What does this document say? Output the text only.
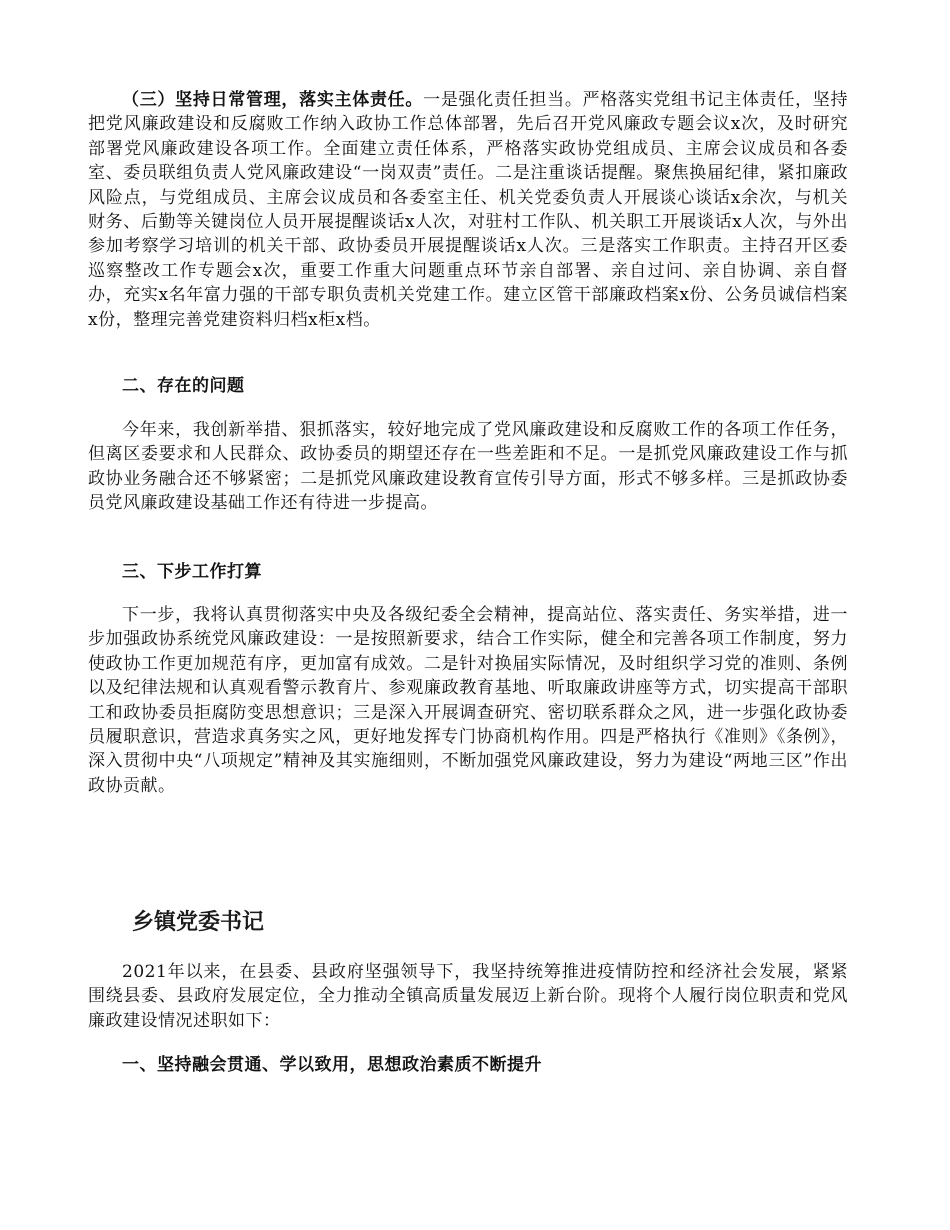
（三）坚持日常管理，落实主体责任。一是强化责任担当。严格落实党组书记主体责任，坚持把党风廉政建设和反腐败工作纳入政协工作总体部署，先后召开党风廉政专题会议x次，及时研究部署党风廉政建设各项工作。全面建立责任体系，严格落实政协党组成员、主席会议成员和各委室、委员联组负责人党风廉政建设“一岗双责”责任。二是注重谈话提醒。聚焦换届纪律，紧扣廉政风险点，与党组成员、主席会议成员和各委室主任、机关党委负责人开展谈心谈话x余次，与机关财务、后勤等关键岗位人员开展提醒谈话x人次，对驻村工作队、机关职工开展谈话x人次，与外出参加考察学习培训的机关干部、政协委员开展提醒谈话x人次。三是落实工作职责。主持召开区委巡察整改工作专题会x次，重要工作重大问题重点环节亲自部署、亲自过问、亲自协调、亲自督办，充实x名年富力强的干部专职负责机关党建工作。建立区管干部廉政档案x份、公务员诚信档案x份，整理完善党建资料归档x柜x档。

二、存在的问题

今年来，我创新举措、狠抓落实，较好地完成了党风廉政建设和反腐败工作的各项工作任务，但离区委要求和人民群众、政协委员的期望还存在一些差距和不足。一是抓党风廉政建设工作与抓政协业务融合还不够紧密；二是抓党风廉政建设教育宣传引导方面，形式不够多样。三是抓政协委员党风廉政建设基础工作还有待进一步提高。

三、下步工作打算

下一步，我将认真贯彻落实中央及各级纪委全会精神，提高站位、落实责任、务实举措，进一步加强政协系统党风廉政建设：一是按照新要求，结合工作实际，健全和完善各项工作制度，努力使政协工作更加规范有序，更加富有成效。二是针对换届实际情况，及时组织学习党的准则、条例以及纪律法规和认真观看警示教育片、参观廉政教育基地、听取廉政讲座等方式，切实提高干部职工和政协委员拒腐防变思想意识；三是深入开展调查研究、密切联系群众之风，进一步强化政协委员履职意识，营造求真务实之风，更好地发挥专门协商机构作用。四是严格执行《准则》《条例》，深入贯彻中央“八项规定”精神及其实施细则，不断加强党风廉政建设，努力为建设“两地三区”作出政协贡献。

乡镇党委书记

2021年以来，在县委、县政府坚强领导下，我坚持统筹推进疫情防控和经济社会发展，紧紧围绕县委、县政府发展定位，全力推动全镇高质量发展迈上新台阶。现将个人履行岗位职责和党风廉政建设情况述职如下：

一、坚持融会贯通、学以致用，思想政治素质不断提升
